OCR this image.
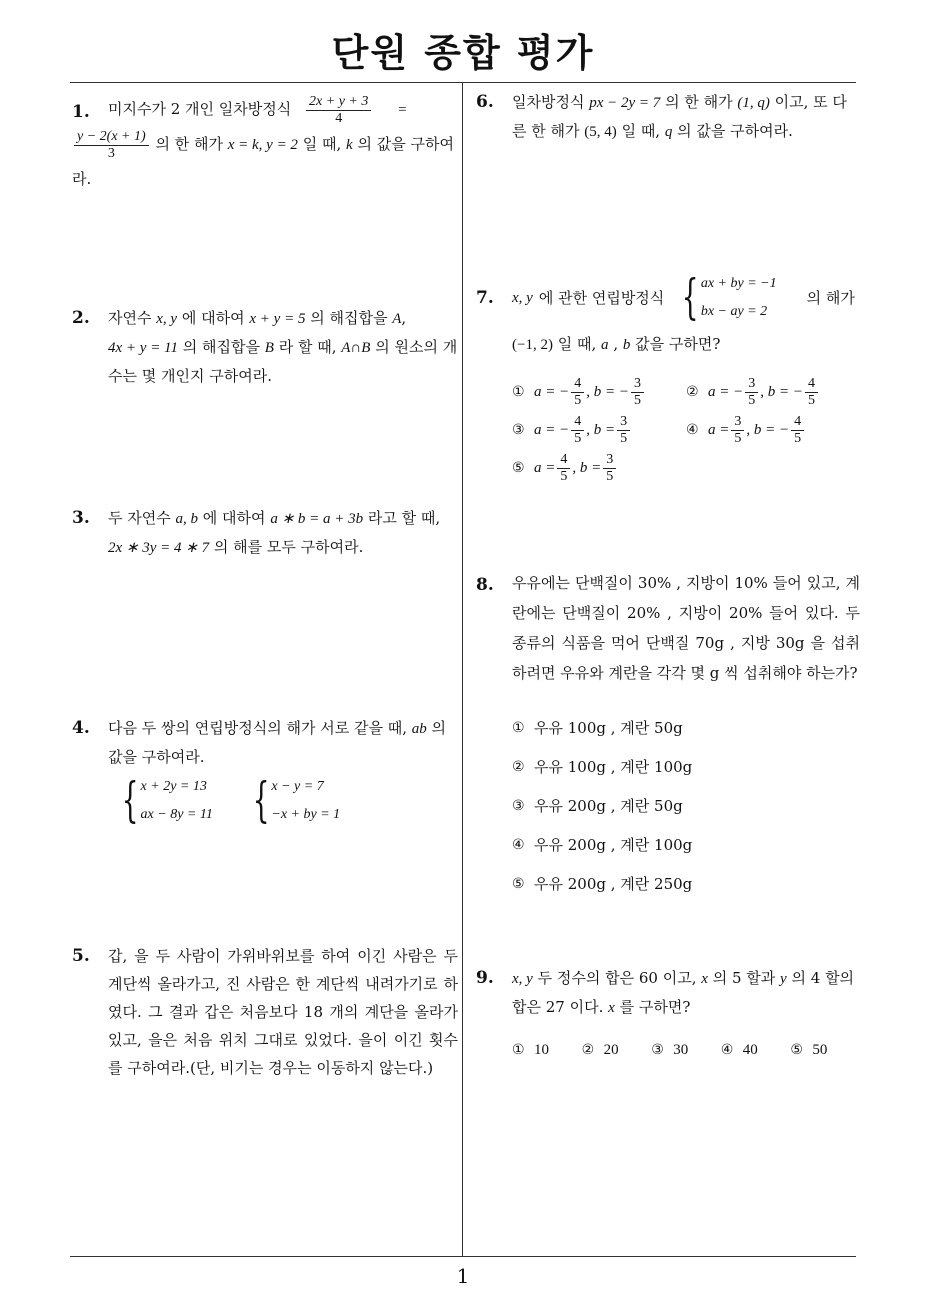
단원 종합 평가
1
1. 미지수가 2 개인 일차방정식 $\frac{2x + y + 3}{4}$ =
$\frac{y - 2(x + 1)}{3}$ 의 한 해가 x = k, y = 2 일 때, k 의 값을 구하여라.
2. 자연수 x, y 에 대하여 x + y = 5 의 해집합을 A,
4x + y = 11 의 해집합을 B 라 할 때, A∩B 의 원소의 개수는 몇 개인지 구하여라.
3. 두 자연수 a, b 에 대하여 a ∗ b = a + 3b 라고 할 때,
2x ∗ 3y = 4 ∗ 7 의 해를 모두 구하여라.
4. 다음 두 쌍의 연립방정식의 해가 서로 같을 때, ab 의 값을 구하여라.
{ x + 2y = 13
ax − 8y = 11 { x − y = 7
−x + by = 1
5. 갑, 을 두 사람이 가위바위보를 하여 이긴 사람은 두 계단씩 올라가고, 진 사람은 한 계단씩 내려가기로 하였다. 그 결과 갑은 처음보다 18 개의 계단을 올라가 있고, 을은 처음 위치 그대로 있었다. 을이 이긴 횟수를 구하여라.(단, 비기는 경우는 이동하지 않는다.)
6. 일차방정식 px − 2y = 7 의 한 해가 (1, q) 이고, 또 다른 한 해가 (5, 4) 일 때, q 의 값을 구하여라.
7. x, y 에 관한 연립방정식 { ax + by = −1
bx − ay = 2
의 해가
(−1, 2) 일 때, a , b 값을 구하면?
① a = − $\frac{4}{5}$ , b = − $\frac{3}{5}$	② a = − $\frac{3}{5}$ , b = − $\frac{4}{5}$
③ a = − $\frac{4}{5}$ , $b = \frac{3}{5}$	④ $a = \frac{3}{5}$ , b = − $\frac{4}{5}$
⑤ $a = \frac{4}{5}$ , $b = \frac{3}{5}$
8. 우유에는 단백질이 30% , 지방이 10% 들어 있고, 계란에는 단백질이 20% , 지방이 20% 들어 있다. 두 종류의 식품을 먹어 단백질 70g , 지방 30g 을 섭취하려면 우유와 계란을 각각 몇 g 씩 섭취해야 하는가?
① 우유 100g , 계란 50g
② 우유 100g , 계란 100g
③ 우유 200g , 계란 50g
④ 우유 200g , 계란 100g
⑤ 우유 200g , 계란 250g
9. x, y 두 정수의 합은 60 이고, x 의 5 할과 y 의 4 할의 합은 27 이다. x 를 구하면?
① 10 ② 20 ③ 30 ④ 40 ⑤ 50
